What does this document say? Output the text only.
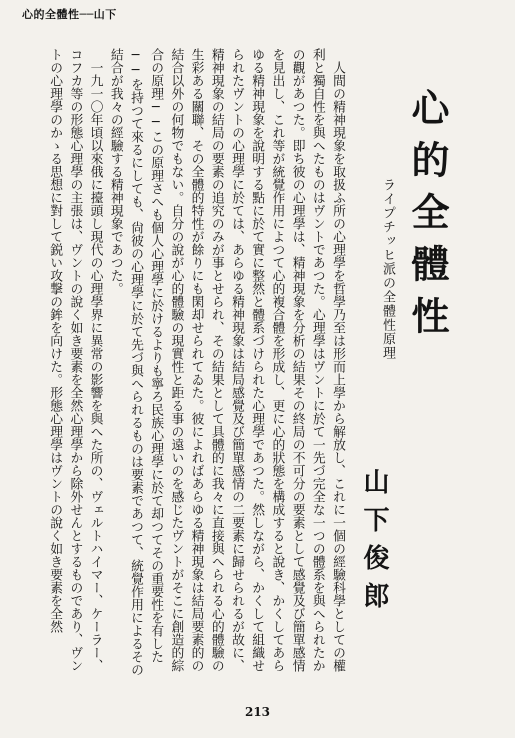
心的全體性──山下
心的全體性
ライプチッヒ派の全體性原理
山下俊郎

人間の精神現象を取扱ふ所の心理學を哲學乃至は形而上學から解放し、これに一個の經驗科學としての權利と獨自性を與へたものはヴントであつた。心理學はヴントに於て一先づ完全な一つの體系を與へられたかの觀があつた。即ち彼の心理學は、精神現象を分析の結果その終局の不可分の要素として感覺及び簡單感情を見出し、これ等が統覺作用によつて心的複合體を形成し、更に心的狀態を構成すると說き、かくしてあらゆる精神現象を說明する點に於て實に整然と體系づけられた心理學であつた。然しながら、かくして組織せられたヴントの心理學に於ては、あらゆる精神現象は結局感覺及び簡單感情の二要素に歸せられるが故に、精神現象の結局の要素の追究のみが事とせられ、その結果として具體的に我々に直接與へられる心的體驗の生彩ある關聯、その全體的特性が餘りにも閑却せられてゐた。彼によればあらゆる精神現象は結局要素的の結合以外の何物でもない。自分の說が心的體驗の現實性と距る事の遠いのを感じたヴントがそこに創造的綜合の原理──この原理さへも個人心理學に於けるよりも寧ろ民族心理學に於て却つてその重要性を有した──を持つて來るにしても、尙彼の心理學に於て先づ與へられるものは要素であつて、統覺作用によるその結合が我々の經驗する精神現象であつた。

一九一〇年頃以來俄に擡頭し現代の心理學界に異常の影響を與へた所の、ヴェルトハイマー、ケーラー、コフカ等の形態心理學の主張は、ヴントの說く如き要素を全然心理學から除外せんとするものであり、ヴントの心理學のかゝる思想に對して鋭い攻撃の鉾を向けた。形態心理學はヴントの說く如き要素を全然

213
